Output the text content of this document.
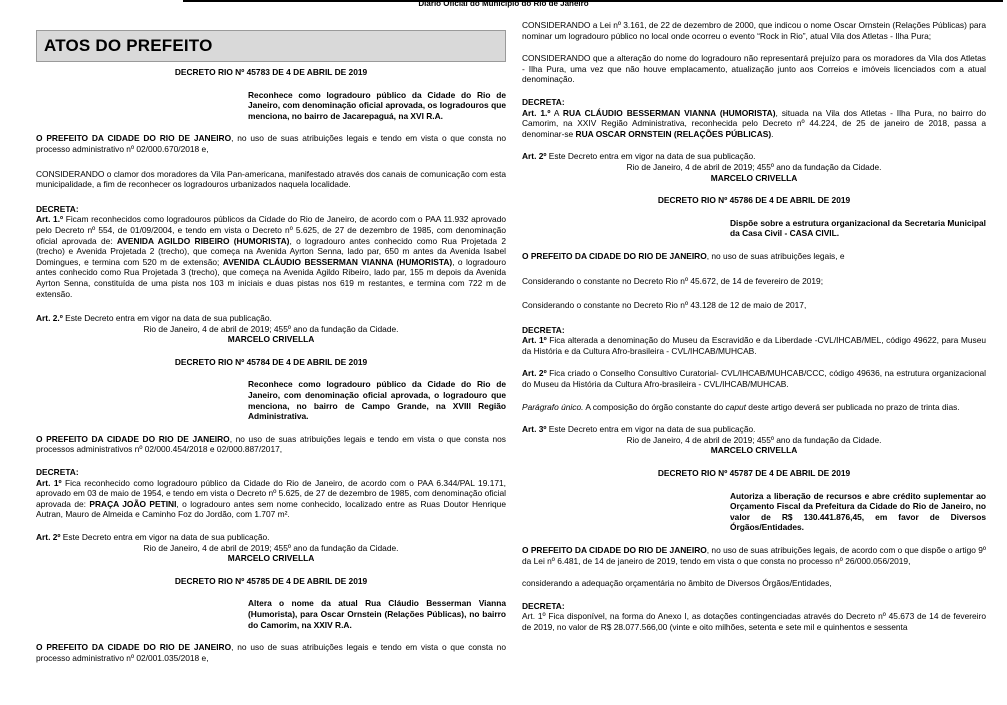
Diário Oficial do Município do Rio de Janeiro
ATOS DO PREFEITO

DECRETO RIO Nº 45783 DE 4 DE ABRIL DE 2019

Reconhece como logradouro público da Cidade do Rio de Janeiro, com denominação oficial aprovada, os logradouros que menciona, no bairro de Jacarepaguá, na XVI R.A.

O PREFEITO DA CIDADE DO RIO DE JANEIRO, no uso de suas atribuições legais e tendo em vista o que consta no processo administrativo nº 02/000.670/2018 e,

CONSIDERANDO o clamor dos moradores da Vila Pan-americana, manifestado através dos canais de comunicação com esta municipalidade, a fim de reconhecer os logradouros urbanizados naquela localidade.

DECRETA:

Art. 1.º Ficam reconhecidos como logradouros públicos da Cidade do Rio de Janeiro, de acordo com o PAA 11.932 aprovado pelo Decreto nº 554, de 01/09/2004, e tendo em vista o Decreto nº 5.625, de 27 de dezembro de 1985, com denominação oficial aprovada de: AVENIDA AGILDO RIBEIRO (HUMORISTA), o logradouro antes conhecido como Rua Projetada 2 (trecho) e Avenida Projetada 2 (trecho), que começa na Avenida Ayrton Senna, lado par, 650 m antes da Avenida Isabel Domingues, e termina com 520 m de extensão; AVENIDA CLÁUDIO BESSERMAN VIANNA (HUMORISTA), o logradouro antes conhecido como Rua Projetada 3 (trecho), que começa na Avenida Agildo Ribeiro, lado par, 155 m depois da Avenida Ayrton Senna, constituída de uma pista nos 103 m iniciais e duas pistas nos 619 m restantes, e termina com 722 m de extensão.

Art. 2.º Este Decreto entra em vigor na data de sua publicação.

Rio de Janeiro, 4 de abril de 2019; 455º ano da fundação da Cidade.

MARCELO CRIVELLA

DECRETO RIO Nº 45784 DE 4 DE ABRIL DE 2019

Reconhece como logradouro público da Cidade do Rio de Janeiro, com denominação oficial aprovada, o logradouro que menciona, no bairro de Campo Grande, na XVIII Região Administrativa.

O PREFEITO DA CIDADE DO RIO DE JANEIRO, no uso de suas atribuições legais e tendo em vista o que consta nos processos administrativos nº 02/000.454/2018 e 02/000.887/2017,

DECRETA:

Art. 1º Fica reconhecido como logradouro público da Cidade do Rio de Janeiro, de acordo com o PAA 6.344/PAL 19.171, aprovado em 03 de maio de 1954, e tendo em vista o Decreto nº 5.625, de 27 de dezembro de 1985, com denominação oficial aprovada de: PRAÇA JOÃO PETINI, o logradouro antes sem nome conhecido, localizado entre as Ruas Doutor Henrique Autran, Mauro de Almeida e Caminho Foz do Jordão, com 1.707 m².

Art. 2º Este Decreto entra em vigor na data de sua publicação.

Rio de Janeiro, 4 de abril de 2019; 455º ano da fundação da Cidade.

MARCELO CRIVELLA

DECRETO RIO Nº 45785 DE 4 DE ABRIL DE 2019

Altera o nome da atual Rua Cláudio Besserman Vianna (Humorista), para Oscar Ornstein (Relações Públicas), no bairro do Camorim, na XXIV R.A.

O PREFEITO DA CIDADE DO RIO DE JANEIRO, no uso de suas atribuições legais e tendo em vista o que consta no processo administrativo nº 02/001.035/2018 e,

CONSIDERANDO a Lei nº 3.161, de 22 de dezembro de 2000, que indicou o nome Oscar Ornstein (Relações Públicas) para nominar um logradouro público no local onde ocorreu o evento “Rock in Rio”, atual Vila dos Atletas - Ilha Pura;

CONSIDERANDO que a alteração do nome do logradouro não representará prejuízo para os moradores da Vila dos Atletas - Ilha Pura, uma vez que não houve emplacamento, atualização junto aos Correios e imóveis licenciados com a atual denominação.

DECRETA:

Art. 1.º A RUA CLÁUDIO BESSERMAN VIANNA (HUMORISTA), situada na Vila dos Atletas - Ilha Pura, no bairro do Camorim, na XXIV Região Administrativa, reconhecida pelo Decreto nº 44.224, de 25 de janeiro de 2018, passa a denominar-se RUA OSCAR ORNSTEIN (RELAÇÕES PÚBLICAS).

Art. 2º Este Decreto entra em vigor na data de sua publicação.

Rio de Janeiro, 4 de abril de 2019; 455º ano da fundação da Cidade.

MARCELO CRIVELLA

DECRETO RIO Nº 45786 DE 4 DE ABRIL DE 2019

Dispõe sobre a estrutura organizacional da Secretaria Municipal da Casa Civil - CASA CIVIL.

O PREFEITO DA CIDADE DO RIO DE JANEIRO, no uso de suas atribuições legais, e

Considerando o constante no Decreto Rio nº 45.672, de 14 de fevereiro de 2019;

Considerando o constante no Decreto Rio nº 43.128 de 12 de maio de 2017,

DECRETA:

Art. 1º Fica alterada a denominação do Museu da Escravidão e da Liberdade -CVL/IHCAB/MEL, código 49622, para Museu da História e da Cultura Afro-brasileira - CVL/IHCAB/MUHCAB.

Art. 2º Fica criado o Conselho Consultivo Curatorial- CVL/IHCAB/MUHCAB/CCC, código 49636, na estrutura organizacional do Museu da História da Cultura Afro-brasileira - CVL/IHCAB/MUHCAB.

Parágrafo único. A composição do órgão constante do caput deste artigo deverá ser publicada no prazo de trinta dias.

Art. 3º Este Decreto entra em vigor na data de sua publicação.

Rio de Janeiro, 4 de abril de 2019; 455º ano da fundação da Cidade.

MARCELO CRIVELLA

DECRETO RIO Nº 45787 DE 4 DE ABRIL DE 2019

Autoriza a liberação de recursos e abre crédito suplementar ao Orçamento Fiscal da Prefeitura da Cidade do Rio de Janeiro, no valor de R$ 130.441.876,45, em favor de Diversos Órgãos/Entidades.

O PREFEITO DA CIDADE DO RIO DE JANEIRO, no uso de suas atribuições legais, de acordo com o que dispõe o artigo 9º da Lei nº 6.481, de 14 de janeiro de 2019, tendo em vista o que consta no processo nº 26/000.056/2019,

considerando a adequação orçamentária no âmbito de Diversos Órgãos/Entidades,

DECRETA:

Art. 1º Fica disponível, na forma do Anexo I, as dotações contingenciadas através do Decreto nº 45.673 de 14 de fevereiro de 2019, no valor de R$ 28.077.566,00 (vinte e oito milhões, setenta e sete mil e quinhentos e sessenta
